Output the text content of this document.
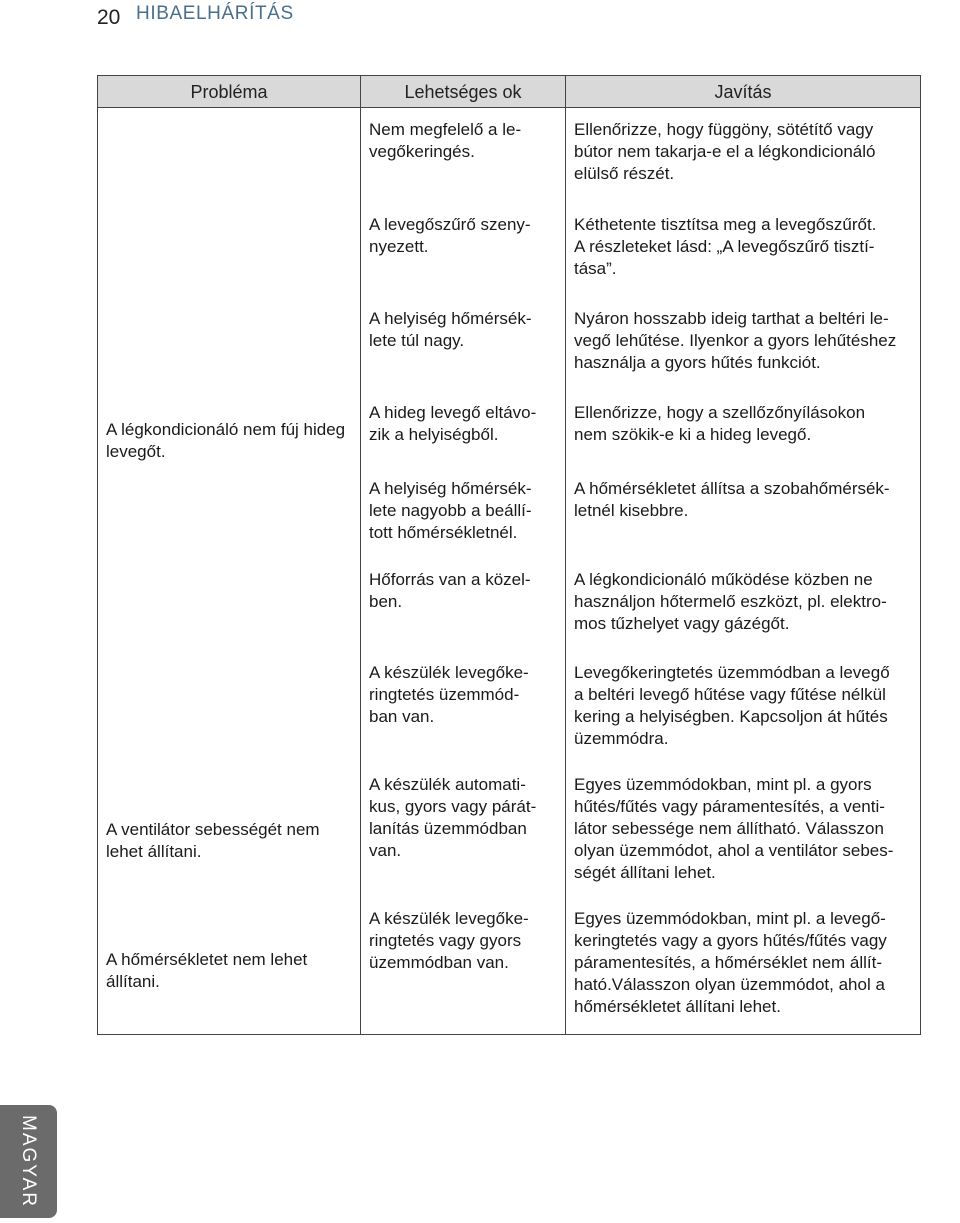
20 HIBAELHÁRÍTÁS
Probléma	Lehetséges ok	Javítás

A légkondicionáló nem fúj hideg levegőt.	Nem megfelelő a le-
vegőkeringés.	Ellenőrizze, hogy függöny, sötétítő vagy
bútor nem takarja-e el a légkondicionáló
elülső részét.

	A levegőszűrő szeny-
nyezett.	Kéthetente tisztítsa meg a levegőszűrőt.
A részleteket lásd: „A levegőszűrő tisztí-
tása”.

	A helyiség hőmérsék-
lete túl nagy.	Nyáron hosszabb ideig tarthat a beltéri le-
vegő lehűtése. Ilyenkor a gyors lehűtéshez
használja a gyors hűtés funkciót.

	A hideg levegő eltávo-
zik a helyiségből.	Ellenőrizze, hogy a szellőzőnyílásokon
nem szökik-e ki a hideg levegő.

	A helyiség hőmérsék-
lete nagyobb a beállí-
tott hőmérsékletnél.	A hőmérsékletet állítsa a szobahőmérsék-
letnél kisebbre.

	Hőforrás van a közel-
ben.	A légkondicionáló működése közben ne
használjon hőtermelő eszközt, pl. elektro-
mos tűzhelyet vagy gázégőt.

	A készülék levegőke-
ringtetés üzemmód-
ban van.	Levegőkeringtetés üzemmódban a levegő
a beltéri levegő hűtése vagy fűtése nélkül
kering a helyiségben. Kapcsoljon át hűtés
üzemmódra.

A ventilátor sebességét nem lehet állítani.	A készülék automati-
kus, gyors vagy párát-
lanítás üzemmódban
van.	Egyes üzemmódokban, mint pl. a gyors
hűtés/fűtés vagy páramentesítés, a venti-
látor sebessége nem állítható. Válasszon
olyan üzemmódot, ahol a ventilátor sebes-
ségét állítani lehet.

A hőmérsékletet nem lehet állítani.	A készülék levegőke-
ringtetés vagy gyors
üzemmódban van.	Egyes üzemmódokban, mint pl. a levegő-
keringtetés vagy a gyors hűtés/fűtés vagy
páramentesítés, a hőmérséklet nem állít-
ható.Válasszon olyan üzemmódot, ahol a
hőmérsékletet állítani lehet.
MAGYAR
